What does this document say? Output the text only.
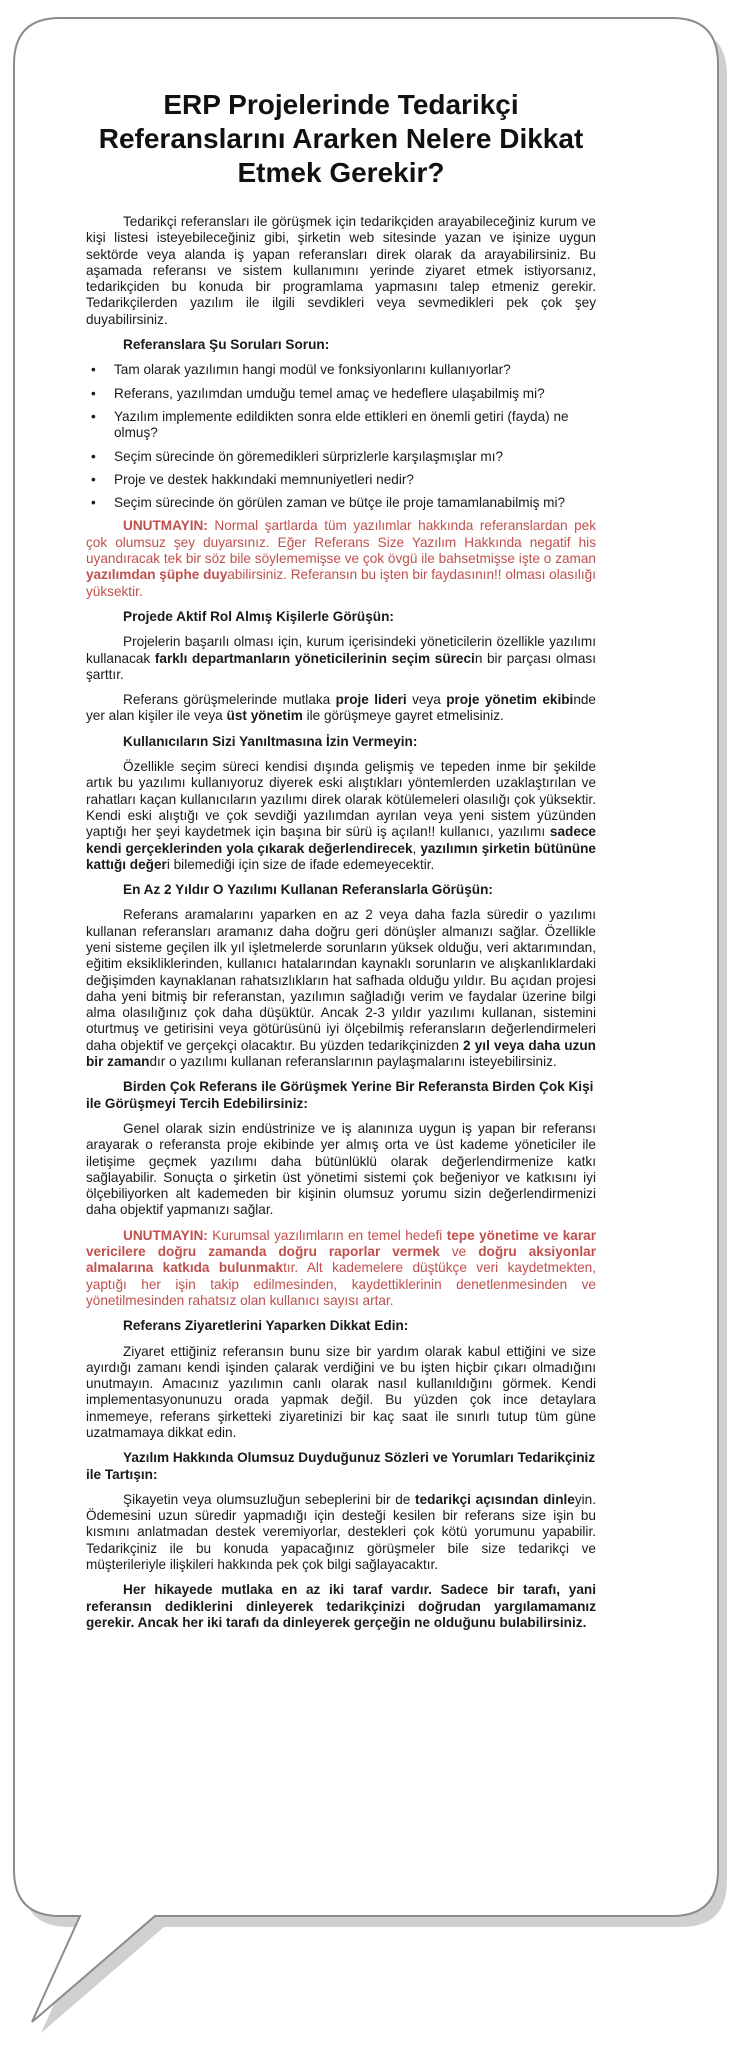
ERP Projelerinde Tedarikçi Referanslarını Ararken Nelere Dikkat Etmek Gerekir?

Tedarikçi referansları ile görüşmek için tedarikçiden arayabileceğiniz kurum ve kişi listesi isteyebileceğiniz gibi, şirketin web sitesinde yazan ve işinize uygun sektörde veya alanda iş yapan referansları direk olarak da arayabilirsiniz. Bu aşamada referansı ve sistem kullanımını yerinde ziyaret etmek istiyorsanız, tedarikçiden bu konuda bir programlama yapmasını talep etmeniz gerekir. Tedarikçilerden yazılım ile ilgili sevdikleri veya sevmedikleri pek çok şey duyabilirsiniz.

Referanslara Şu Soruları Sorun:

• Tam olarak yazılımın hangi modül ve fonksiyonlarını kullanıyorlar?
• Referans, yazılımdan umduğu temel amaç ve hedeflere ulaşabilmiş mi?
• Yazılım implemente edildikten sonra elde ettikleri en önemli getiri (fayda) ne olmuş?
• Seçim sürecinde ön göremedikleri sürprizlerle karşılaşmışlar mı?
• Proje ve destek hakkındaki memnuniyetleri nedir?
• Seçim sürecinde ön görülen zaman ve bütçe ile proje tamamlanabilmiş mi?

UNUTMAYIN: Normal şartlarda tüm yazılımlar hakkında referanslardan pek çok olumsuz şey duyarsınız. Eğer Referans Size Yazılım Hakkında negatif his uyandıracak tek bir söz bile söylememişse ve çok övgü ile bahsetmişse işte o zaman yazılımdan şüphe duyabilirsiniz. Referansın bu işten bir faydasının!! olması olasılığı yüksektir.

Projede Aktif Rol Almış Kişilerle Görüşün:

Projelerin başarılı olması için, kurum içerisindeki yöneticilerin özellikle yazılımı kullanacak farklı departmanların yöneticilerinin seçim sürecin bir parçası olması şarttır.

Referans görüşmelerinde mutlaka proje lideri veya proje yönetim ekibinde yer alan kişiler ile veya üst yönetim ile görüşmeye gayret etmelisiniz.

Kullanıcıların Sizi Yanıltmasına İzin Vermeyin:

Özellikle seçim süreci kendisi dışında gelişmiş ve tepeden inme bir şekilde artık bu yazılımı kullanıyoruz diyerek eski alıştıkları yöntemlerden uzaklaştırılan ve rahatları kaçan kullanıcıların yazılımı direk olarak kötülemeleri olasılığı çok yüksektir. Kendi eski alıştığı ve çok sevdiği yazılımdan ayrılan veya yeni sistem yüzünden yaptığı her şeyi kaydetmek için başına bir sürü iş açılan!! kullanıcı, yazılımı sadece kendi gerçeklerinden yola çıkarak değerlendirecek, yazılımın şirketin bütününe kattığı değeri bilemediği için size de ifade edemeyecektir.

En Az 2 Yıldır O Yazılımı Kullanan Referanslarla Görüşün:

Referans aramalarını yaparken en az 2 veya daha fazla süredir o yazılımı kullanan referansları aramanız daha doğru geri dönüşler almanızı sağlar. Özellikle yeni sisteme geçilen ilk yıl işletmelerde sorunların yüksek olduğu, veri aktarımından, eğitim eksikliklerinden, kullanıcı hatalarından kaynaklı sorunların ve alışkanlıklardaki değişimden kaynaklanan rahatsızlıkların hat safhada olduğu yıldır. Bu açıdan projesi daha yeni bitmiş bir referanstan, yazılımın sağladığı verim ve faydalar üzerine bilgi alma olasılığınız çok daha düşüktür. Ancak 2-3 yıldır yazılımı kullanan, sistemini oturtmuş ve getirisini veya götürüsünü iyi ölçebilmiş referansların değerlendirmeleri daha objektif ve gerçekçi olacaktır. Bu yüzden tedarikçinizden 2 yıl veya daha uzun bir zamandır o yazılımı kullanan referanslarının paylaşmalarını isteyebilirsiniz.

Birden Çok Referans ile Görüşmek Yerine Bir Referansta Birden Çok Kişi ile Görüşmeyi Tercih Edebilirsiniz:

Genel olarak sizin endüstrinize ve iş alanınıza uygun iş yapan bir referansı arayarak o referansta proje ekibinde yer almış orta ve üst kademe yöneticiler ile iletişime geçmek yazılımı daha bütünlüklü olarak değerlendirmenize katkı sağlayabilir. Sonuçta o şirketin üst yönetimi sistemi çok beğeniyor ve katkısını iyi ölçebiliyorken alt kademeden bir kişinin olumsuz yorumu sizin değerlendirmenizi daha objektif yapmanızı sağlar.

UNUTMAYIN: Kurumsal yazılımların en temel hedefi tepe yönetime ve karar vericilere doğru zamanda doğru raporlar vermek ve doğru aksiyonlar almalarına katkıda bulunmaktır. Alt kademelere düştükçe veri kaydetmekten, yaptığı her işin takip edilmesinden, kaydettiklerinin denetlenmesinden ve yönetilmesinden rahatsız olan kullanıcı sayısı artar.

Referans Ziyaretlerini Yaparken Dikkat Edin:

Ziyaret ettiğiniz referansın bunu size bir yardım olarak kabul ettiğini ve size ayırdığı zamanı kendi işinden çalarak verdiğini ve bu işten hiçbir çıkarı olmadığını unutmayın. Amacınız yazılımın canlı olarak nasıl kullanıldığını görmek. Kendi implementasyonunuzu orada yapmak değil. Bu yüzden çok ince detaylara inmemeye, referans şirketteki ziyaretinizi bir kaç saat ile sınırlı tutup tüm güne uzatmamaya dikkat edin.

Yazılım Hakkında Olumsuz Duyduğunuz Sözleri ve Yorumları Tedarikçiniz ile Tartışın:

Şikayetin veya olumsuzluğun sebeplerini bir de tedarikçi açısından dinleyin. Ödemesini uzun süredir yapmadığı için desteği kesilen bir referans size işin bu kısmını anlatmadan destek veremiyorlar, destekleri çok kötü yorumunu yapabilir. Tedarikçiniz ile bu konuda yapacağınız görüşmeler bile size tedarikçi ve müşterileriyle ilişkileri hakkında pek çok bilgi sağlayacaktır.

Her hikayede mutlaka en az iki taraf vardır. Sadece bir tarafı, yani referansın dediklerini dinleyerek tedarikçinizi doğrudan yargılamamanız gerekir. Ancak her iki tarafı da dinleyerek gerçeğin ne olduğunu bulabilirsiniz.
